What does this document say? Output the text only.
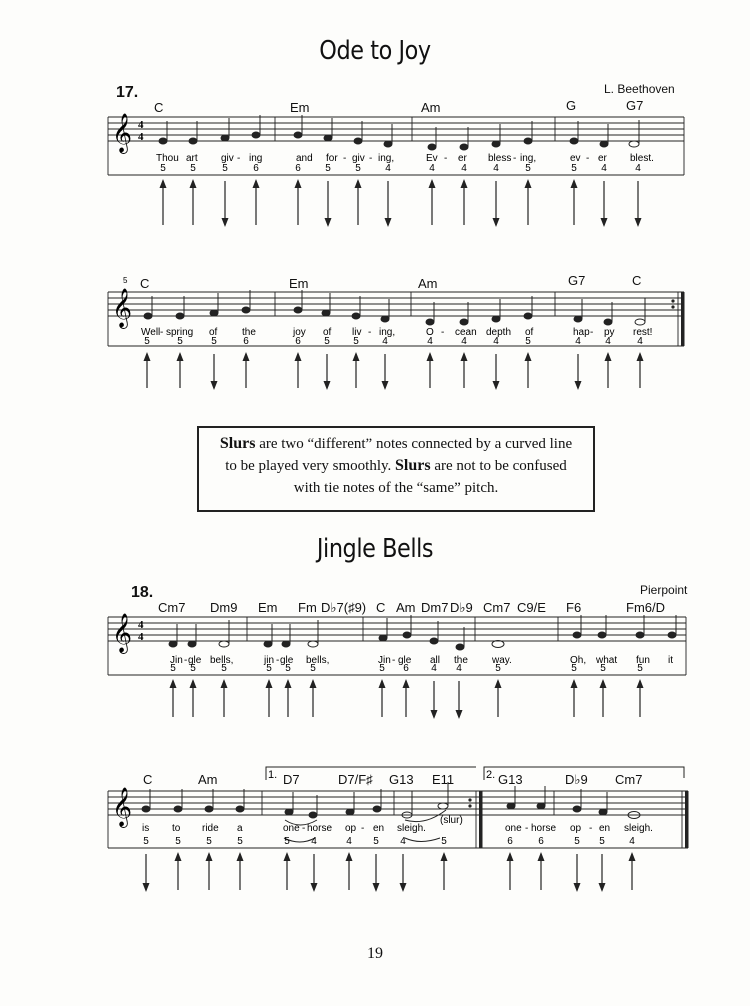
Ode to Joy
17.	L. Beethoven
C	Em	Am	G	G7
𝄞 4
4
Thou art giv - ing	and for - giv - ing,	Ev - er bless - ing,	ev - er blest.
5 5	5	6	6 5 5 4	4	4	4	5	5 4	4
C	Em	Am	G7	C
5
𝄞
Well - spring of the	joy of liv - ing,	O - cean depth of	hap - py rest!
5	5	5	6	6 5 5 4	4	4	4	5	4 4	4
Slurs are two “different” notes connected by a curved line
to be played very smoothly. Slurs are not to be confused
with tie notes of the “same” pitch.
Jingle Bells
18.	Pierpoint
Cm7 Dm9 Em Fm D♭7(♯9) C Am Dm7 D♭9 Cm7 C9/E F6	Fm6/D
𝄞 4
4
Jin - gle bells,	jin - gle bells,	Jin - gle all the way.	Oh, what fun it
5 5	5	5 5 5	5 6 4 4	5	5 5	5
C	Am	D7	D7/F♯ G13 E11	G13	D♭9 Cm7
1.	2.
𝄞
is to ride a	one - horse op - en sleigh.
(slur)
one - horse op - en sleigh.
5	5	5	5	5 4	4 5 4	5	6	6	5 5 4
19
